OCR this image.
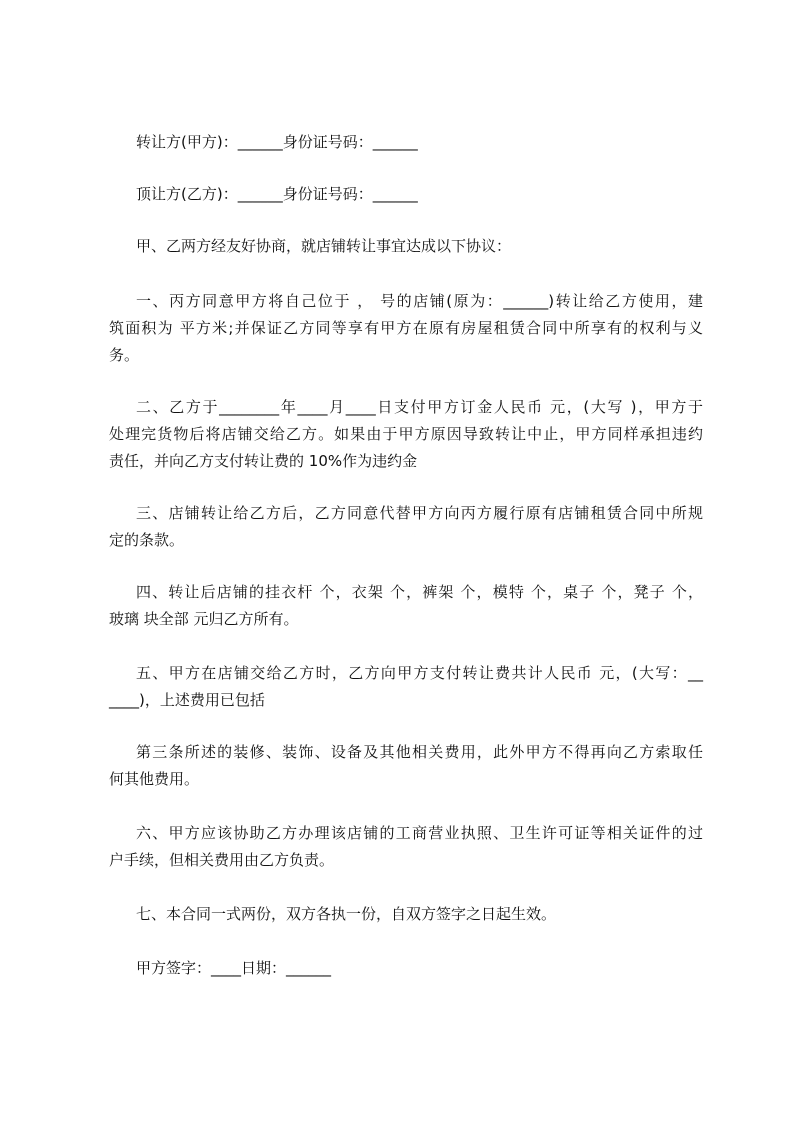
转让方(甲方)：______身份证号码：______
顶让方(乙方)：______身份证号码：______
甲、乙两方经友好协商，就店铺转让事宜达成以下协议：
一、丙方同意甲方将自己位于 ， 号的店铺(原为：______)转让给乙方使用，建
筑面积为 平方米;并保证乙方同等享有甲方在原有房屋租赁合同中所享有的权利与义
务。
二、乙方于________年____月____日支付甲方订金人民币 元，(大写 )，甲方于
处理完货物后将店铺交给乙方。如果由于甲方原因导致转让中止，甲方同样承担违约
责任，并向乙方支付转让费的 10%作为违约金
三、店铺转让给乙方后，乙方同意代替甲方向丙方履行原有店铺租赁合同中所规
定的条款。
四、转让后店铺的挂衣杆 个，衣架 个，裤架 个，模特 个，桌子 个，凳子 个，
玻璃 块全部 元归乙方所有。
五、甲方在店铺交给乙方时，乙方向甲方支付转让费共计人民币 元，(大写：__
____)，上述费用已包括
第三条所述的装修、装饰、设备及其他相关费用，此外甲方不得再向乙方索取任
何其他费用。
六、甲方应该协助乙方办理该店铺的工商营业执照、卫生许可证等相关证件的过
户手续，但相关费用由乙方负责。
七、本合同一式两份，双方各执一份，自双方签字之日起生效。
甲方签字：____日期：______
